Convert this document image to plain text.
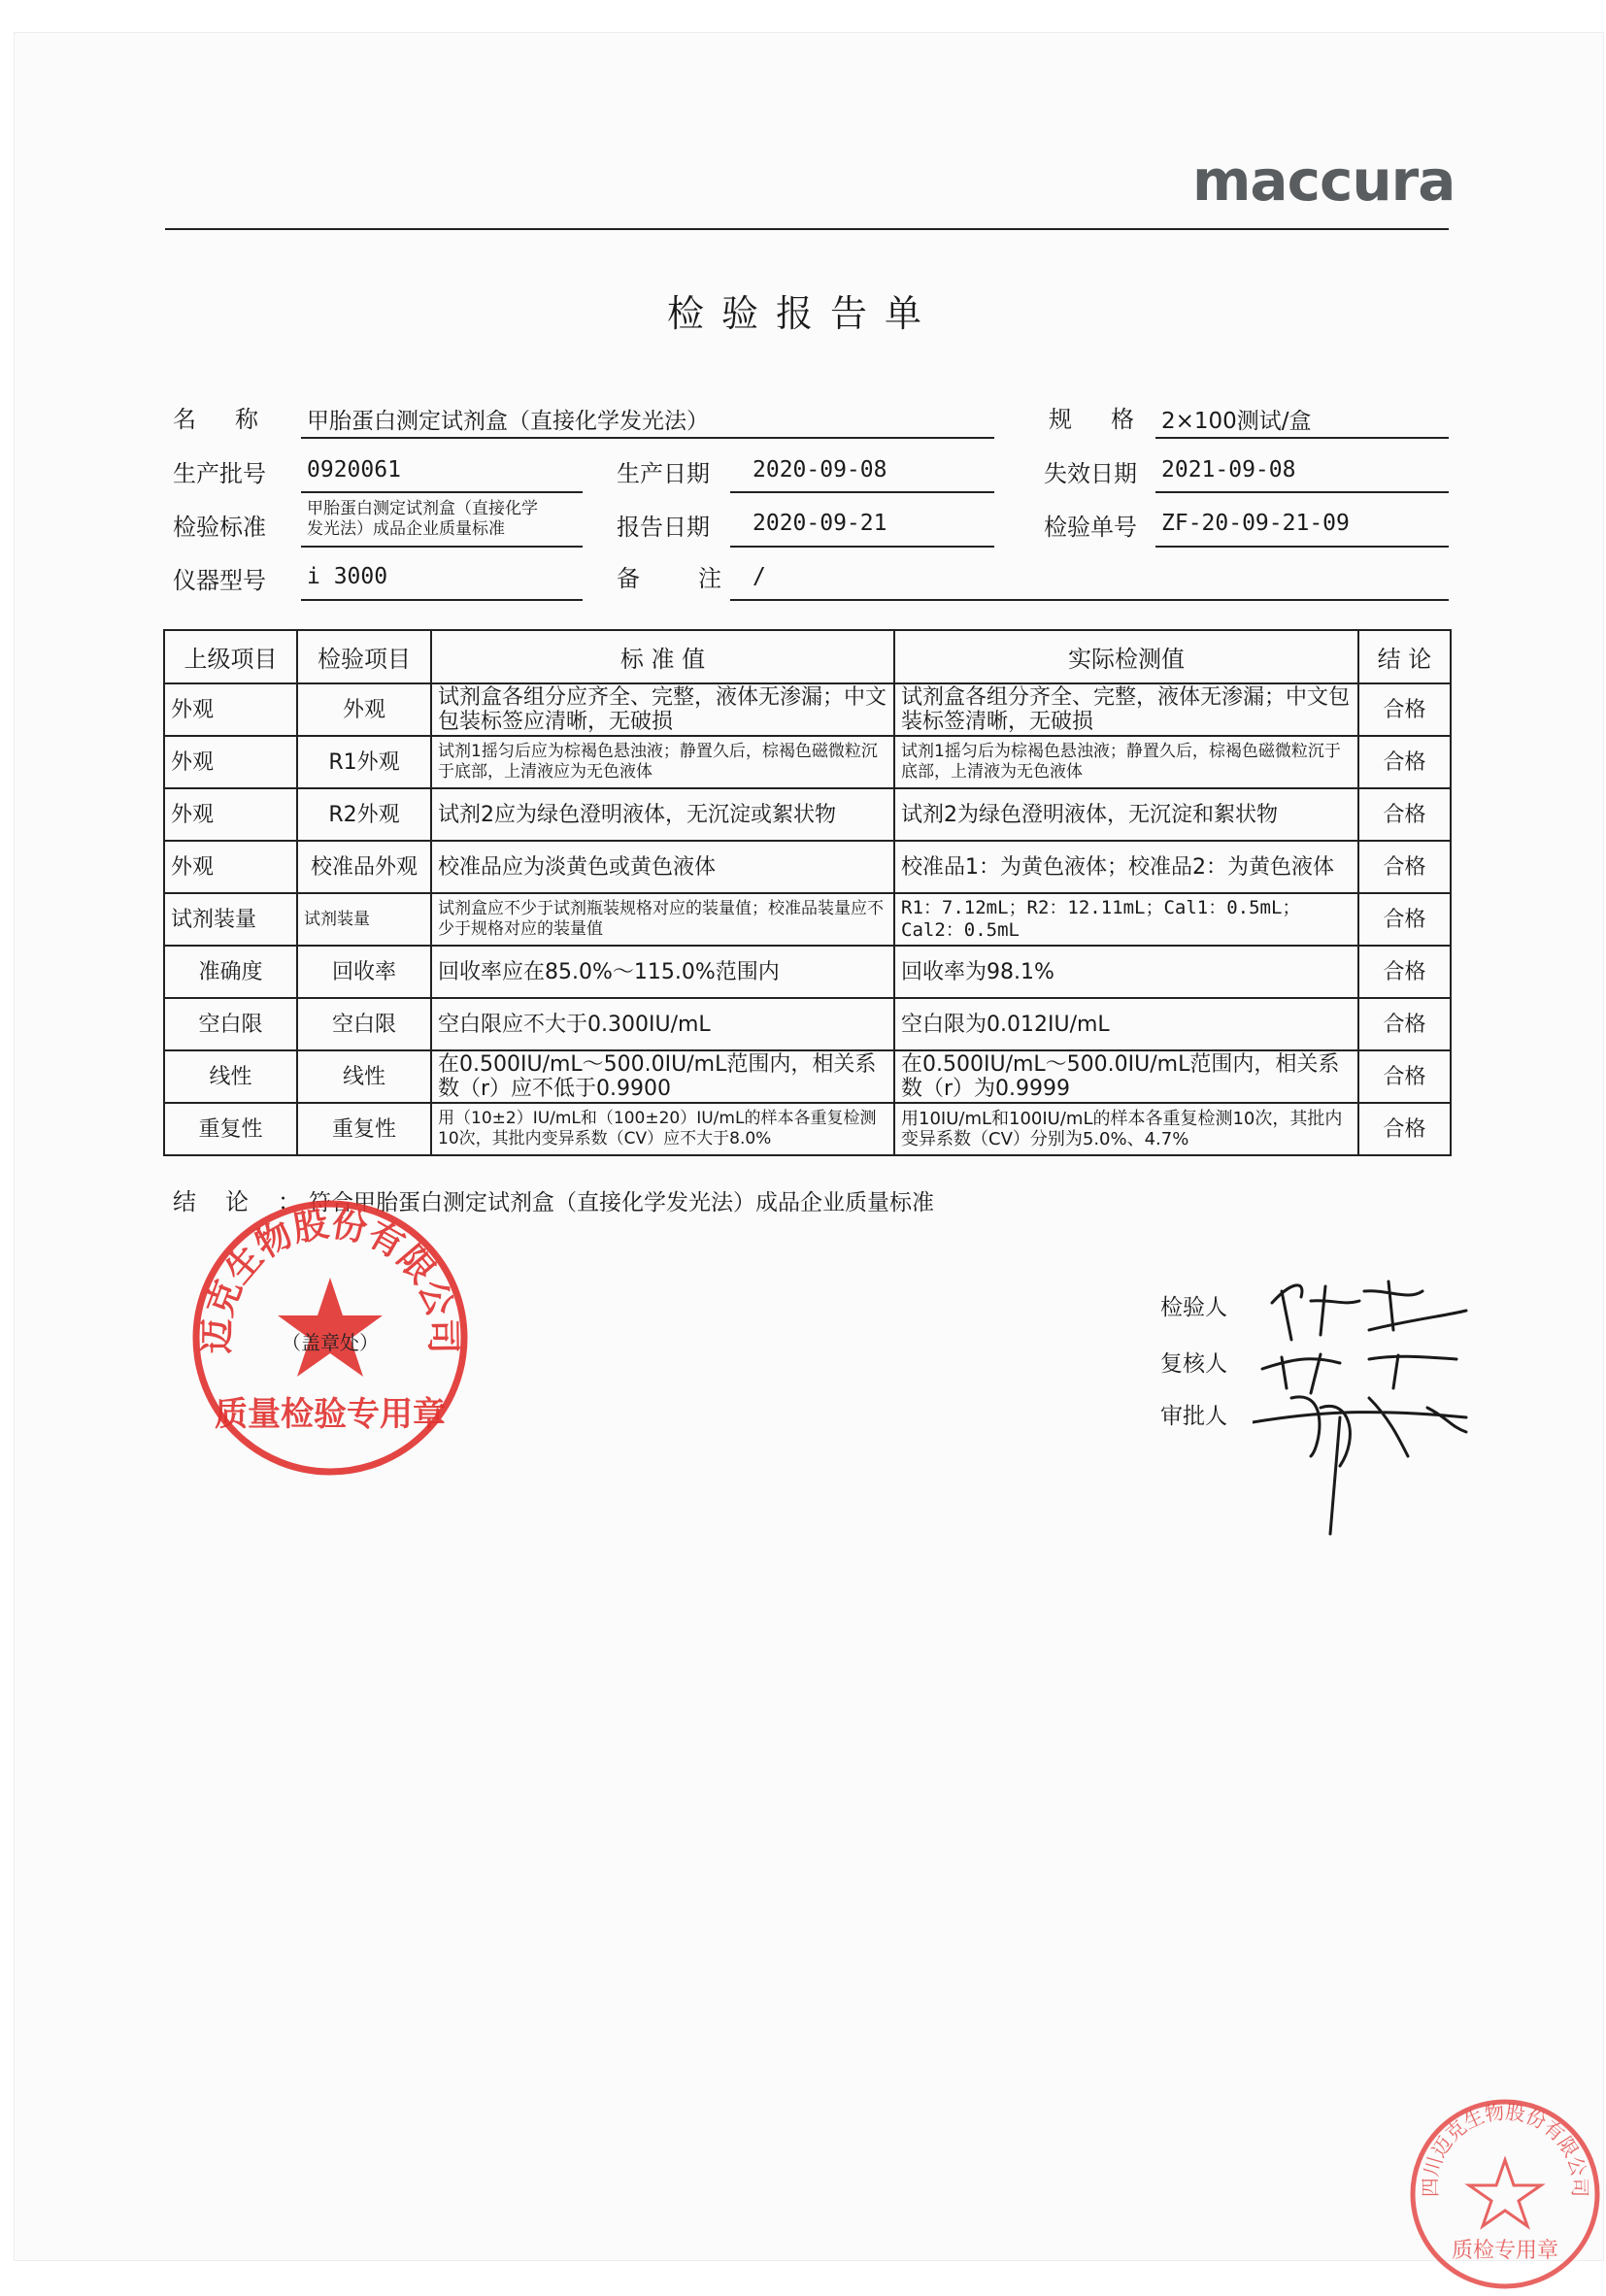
maccura
检验报告单
名　称 甲胎蛋白测定试剂盒（直接化学发光法）	规　格 2×100测试/盒
生产批号 0920061	生产日期 2020-09-08	失效日期 2021-09-08
检验标准
甲胎蛋白测定试剂盒（直接化学
发光法）成品企业质量标准	报告日期 2020-09-21	检验单号 ZF-20-09-21-09
仪器型号 i 3000	备　注 /
上级项目	检验项目	标 准 值	实际检测值	结 论
外观	外观	试剂盒各组分应齐全、完整，液体无渗漏；中文包装标签应清晰，无破损	试剂盒各组分齐全、完整，液体无渗漏；中文包装标签清晰，无破损	合格
外观	R1外观	试剂1摇匀后应为棕褐色悬浊液；静置久后，棕褐色磁微粒沉于底部，上清液应为无色液体	试剂1摇匀后为棕褐色悬浊液；静置久后，棕褐色磁微粒沉于底部，上清液为无色液体	合格
外观	R2外观	试剂2应为绿色澄明液体，无沉淀或絮状物	试剂2为绿色澄明液体，无沉淀和絮状物	合格
外观	校准品外观	校准品应为淡黄色或黄色液体	校准品1：为黄色液体；校准品2：为黄色液体	合格
试剂装量	试剂装量	试剂盒应不少于试剂瓶装规格对应的装量值；校准品装量应不少于规格对应的装量值	R1：7.12mL；R2：12.11mL；Cal1：0.5mL；Cal2：0.5mL	合格
准确度	回收率	回收率应在85.0%～115.0%范围内	回收率为98.1%	合格
空白限	空白限	空白限应不大于0.300IU/mL	空白限为0.012IU/mL	合格
线性	线性	在0.500IU/mL～500.0IU/mL范围内，相关系数（r）应不低于0.9900	在0.500IU/mL～500.0IU/mL范围内，相关系数（r）为0.9999	合格
重复性	重复性	用（10±2）IU/mL和（100±20）IU/mL的样本各重复检测10次，其批内变异系数（CV）应不大于8.0%	用10IU/mL和100IU/mL的样本各重复检测10次，其批内变异系数（CV）分别为5.0%、4.7%	合格
结论：
符合甲胎蛋白测定试剂盒（直接化学发光法）成品企业质量标准
迈克生物股份有限公司
（盖章处）
质量检验专用章
检验人
复核人
审批人
四川迈克生物股份有限公司
质检专用章
